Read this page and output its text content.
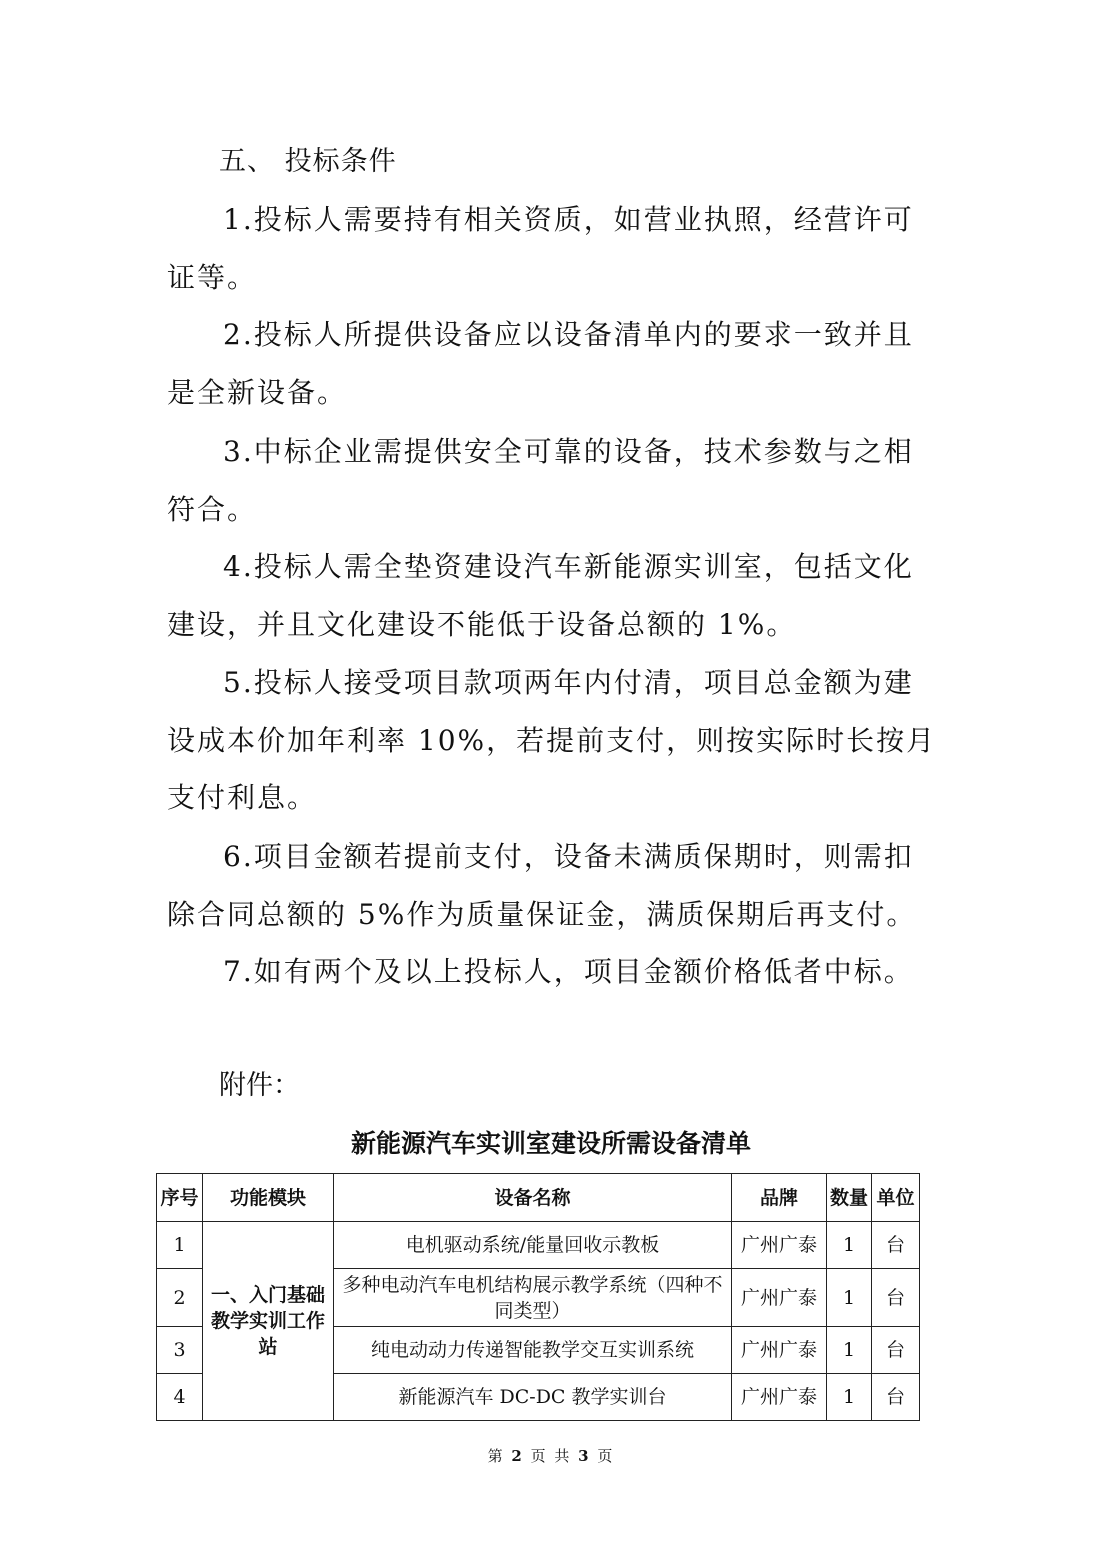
五、 投标条件

1.投标人需要持有相关资质，如营业执照，经营许可证等。

2.投标人所提供设备应以设备清单内的要求一致并且是全新设备。

3.中标企业需提供安全可靠的设备，技术参数与之相符合。

4.投标人需全垫资建设汽车新能源实训室，包括文化建设，并且文化建设不能低于设备总额的 1%。

5.投标人接受项目款项两年内付清，项目总金额为建设成本价加年利率 10%，若提前支付，则按实际时长按月支付利息。

6.项目金额若提前支付，设备未满质保期时，则需扣除合同总额的 5%作为质量保证金，满质保期后再支付。

7.如有两个及以上投标人，项目金额价格低者中标。

附件：

新能源汽车实训室建设所需设备清单
序号	功能模块	设备名称	品牌	数量	单位
1	一、入门基础教学实训工作站	电机驱动系统/能量回收示教板	广州广泰	1	台
2		多种电动汽车电机结构展示教学系统（四种不同类型）	广州广泰	1	台
3		纯电动动力传递智能教学交互实训系统	广州广泰	1	台
4		新能源汽车 DC-DC 教学实训台	广州广泰	1	台

第 2 页 共 3 页
